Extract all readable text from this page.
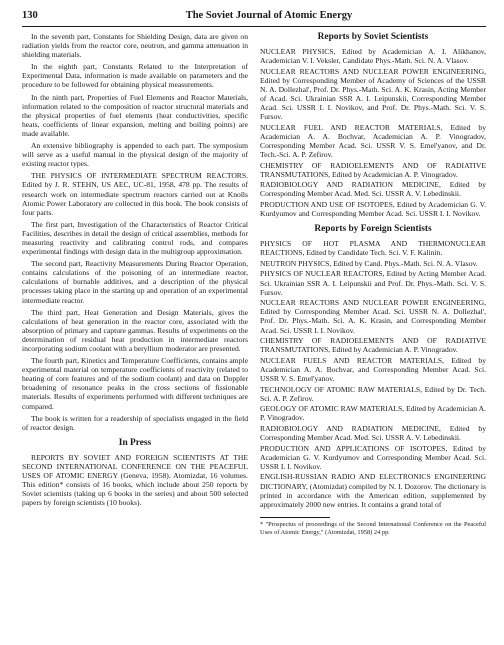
130	The Soviet Journal of Atomic Energy

In the seventh part, Constants for Shielding Design, data are given on radiation yields from the reactor core, neutron, and gamma attenuation in shielding materials.

In the eighth part, Constants Related to the Interpretation of Experimental Data, information is made available on parameters and the procedure to be followed for obtaining physical measurements.

In the ninth part, Properties of Fuel Elements and Reactor Materials, information related to the composition of reactor structural materials and the physical properties of fuel elements (heat conductivities, specific heats, coefficients of linear expansion, melting and boiling points) are made available.

An extensive bibliography is appended to each part. The symposium will serve as a useful manual in the physical design of the majority of existing reactor types.

THE PHYSICS OF INTERMEDIATE SPECTRUM REACTORS. Edited by J. R. STEHN, US AEC, UC-81, 1958, 478 pp. The results of research work on intermediate spectrum reactors carried out at Knolls Atomic Power Laboratory are collected in this book. The book consists of four parts.

The first part, Investigation of the Characteristics of Reactor Critical Facilities, describes in detail the design of critical assemblies, methods for measuring reactivity and calibrating control rods, and compares experimental findings with design data in the multigroup approximation.

The second part, Reactivity Measurements During Reactor Operation, contains calculations of the poisoning of an intermediate reactor, calculations of burnable additives, and a description of the physical processes taking place in the starting up and operation of an experimental intermediate reactor.

The third part, Heat Generation and Design Materials, gives the calculations of heat generation in the reactor core, associated with the absorption of primary and capture gammas. Results of experiments on the determination of residual heat production in intermediate reactors incorporating sodium coolant with a beryllium moderator are presented.

The fourth part, Kinetics and Temperature Coefficients, contains ample experimental material on temperature coefficients of reactivity (related to heating of core features and of the sodium coolant) and data on Doppler broadening of resonance peaks in the cross sections of fissionable materials. Results of experiments performed with different techniques are compared.

The book is written for a readership of specialists engaged in the field of reactor design.

In Press

REPORTS BY SOVIET AND FOREIGN SCIENTISTS AT THE SECOND INTERNATIONAL CONFERENCE ON THE PEACEFUL USES OF ATOMIC ENERGY (Geneva, 1958). Atomizdat, 16 volumes. This edition* consists of 16 books, which include about 250 reports by Soviet scientists (taking up 6 books in the series) and about 500 selected papers by foreign scientists (10 books).

Reports by Soviet Scientists

NUCLEAR PHYSICS, Edited by Academician A. I. Alikhanov, Academician V. I. Veksler, Candidate Phys.-Math. Sci. N. A. Vlasov.

NUCLEAR REACTORS AND NUCLEAR POWER ENGINEERING, Edited by Corresponding Member of Academy of Sciences of the USSR N. A. Dollezhal', Prof. Dr. Phys.-Math. Sci. A. K. Krasin, Acting Member of Acad. Sci. Ukrainian SSR A. I. Leipunskii, Corresponding Member Acad. Sci. USSR I. I. Novikov, and Prof. Dr. Phys.-Math. Sci. V. S. Fursov.

NUCLEAR FUEL AND REACTOR MATERIALS, Edited by Academician A. A. Bochvar, Academician A. P. Vinogradov, Corresponding Member Acad. Sci. USSR V. S. Emel'yanov, and Dr. Tech.-Sci. A. P. Zefirov.

CHEMISTRY OF RADIOELEMENTS AND OF RADIATIVE TRANSMUTATIONS, Edited by Academician A. P. Vinogradov.

RADIOBIOLOGY AND RADIATION MEDICINE, Edited by Corresponding Member Acad. Med. Sci. USSR A. V. Lebedinskii.

PRODUCTION AND USE OF ISOTOPES, Edited by Academician G. V. Kurdyumov and Corresponding Member Acad. Sci. USSR I. I. Novikov.

Reports by Foreign Scientists

PHYSICS OF HOT PLASMA AND THERMONUCLEAR REACTIONS, Edited by Candidate Tech. Sci. V. F. Kalinin.

NEUTRON PHYSICS, Edited by Cand. Phys.-Math. Sci. N. A. Vlasov.

PHYSICS OF NUCLEAR REACTORS, Edited by Acting Member Acad. Sci. Ukrainian SSR A. I. Leipunskii and Prof. Dr. Phys.-Math. Sci. V. S. Fursov.

NUCLEAR REACTORS AND NUCLEAR POWER ENGINEERING, Edited by Corresponding Member Acad. Sci. USSR N. A. Dollezhal', Prof. Dr. Phys.-Math. Sci. A. K. Krasin, and Corresponding Member Acad. Sci. USSR I. I. Novikov.

CHEMISTRY OF RADIOELEMENTS AND OF RADIATIVE TRANSMUTATIONS, Edited by Academician A. P. Vinogradov.

NUCLEAR FUELS AND REACTOR MATERIALS, Edited by Academician A. A. Bochvar, and Corresponding Member Acad. Sci. USSR V. S. Emel'yanov.

TECHNOLOGY OF ATOMIC RAW MATERIALS, Edited by Dr. Tech. Sci. A. P. Zefirov.

GEOLOGY OF ATOMIC RAW MATERIALS, Edited by Academician A. P. Vinogradov.

RADIOBIOLOGY AND RADIATION MEDICINE, Edited by Corresponding Member Acad. Med. Sci. USSR A. V. Lebedinskii.

PRODUCTION AND APPLICATIONS OF ISOTOPES, Edited by Academician G. V. Kurdyumov and Corresponding Member Acad. Sci. USSR I. I. Novikov.

ENGLISH-RUSSIAN RADIO AND ELECTRONICS ENGINEERING DICTIONARY, (Atomizdat) compiled by N. I. Dozorov. The dictionary is printed in accordance with the American edition, supplemented by approximately 2000 new entries. It contains a grand total of

* "Prospectus of proceedings of the Second International Conference on the Peaceful Uses of Atomic Energy," (Atomizdat, 1958) 24 pp.
